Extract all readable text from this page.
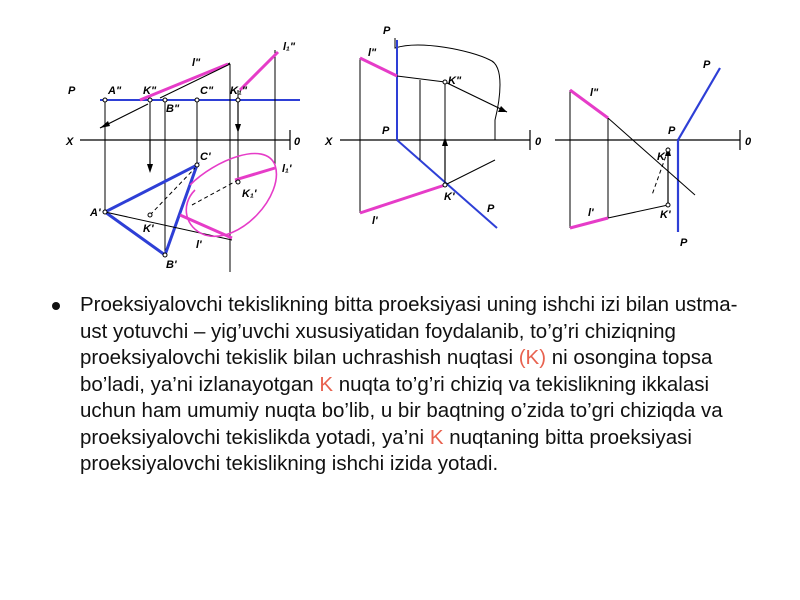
P	A" K"
B"
C" K₁"
l"
l₁"
X	0
C'
A'
K'
B'
l'
K₁'
l₁'
P
l"
K"
P
X	0
K'
P
l'
P
l"
P
0
K"
K'
l'
P
Proeksiyalovchi tekislikning bitta proeksiyasi uning ishchi izi bilan ustma-ust yotuvchi – yig’uvchi xususiyatidan foydalanib, to’g’ri chiziqning proeksiyalovchi tekislik bilan uchrashish nuqtasi (K) ni osongina topsa bo’ladi, ya’ni izlanayotgan K nuqta to’g’ri chiziq va tekislikning ikkalasi uchun ham umumiy nuqta bo’lib, u bir baqtning o’zida to’gri chiziqda va proeksiyalovchi tekislikda yotadi, ya’ni K nuqtaning bitta proeksiyasi proeksiyalovchi tekislikning ishchi izida yotadi.
